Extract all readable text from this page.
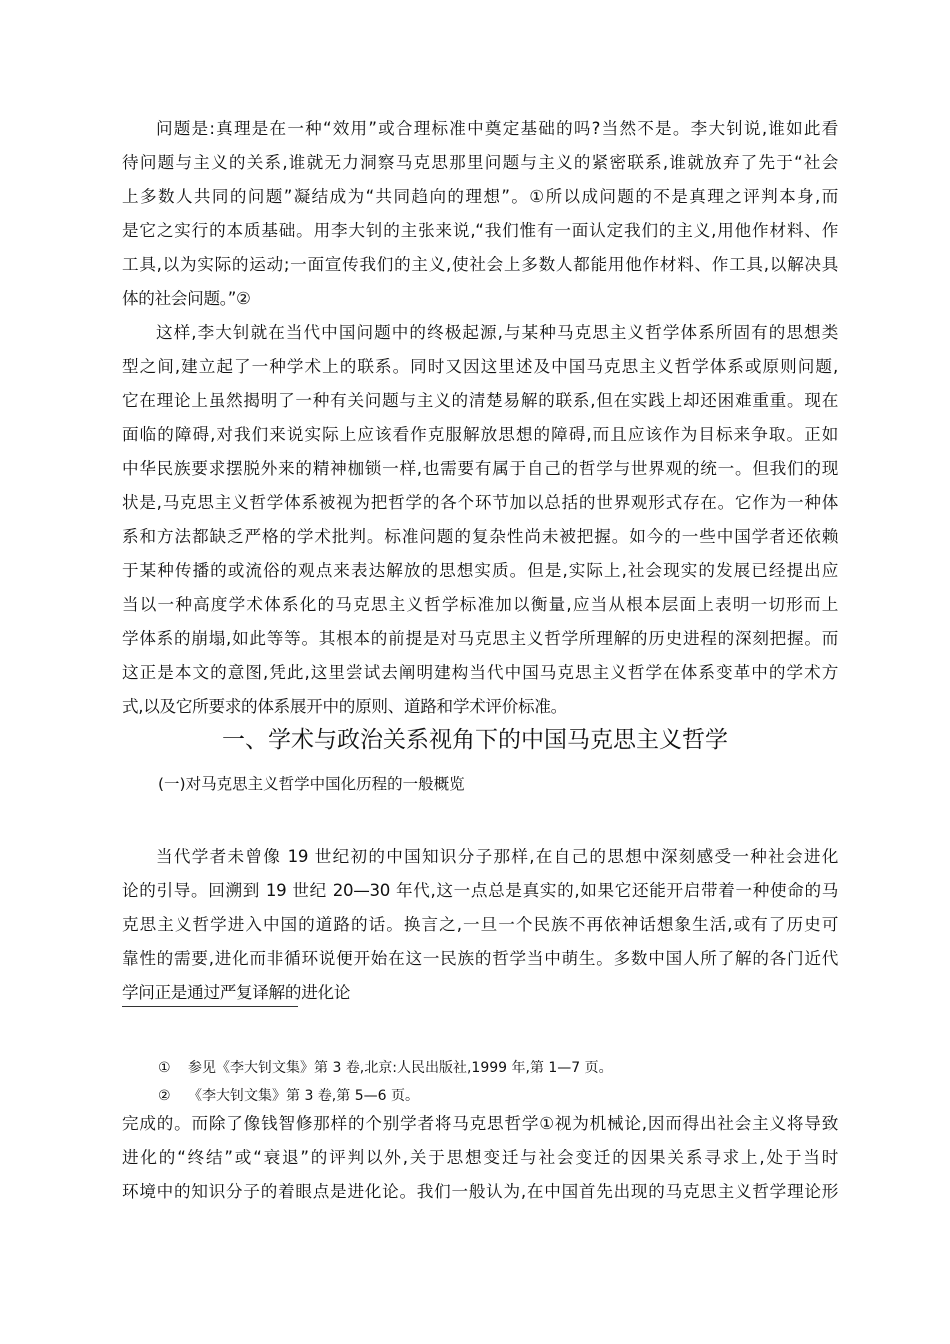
问题是:真理是在一种“效用”或合理标准中奠定基础的吗?当然不是。李大钊说,谁如此看
待问题与主义的关系,谁就无力洞察马克思那里问题与主义的紧密联系,谁就放弃了先于“社会
上多数人共同的问题”凝结成为“共同趋向的理想”。①所以成问题的不是真理之评判本身,而
是它之实行的本质基础。用李大钊的主张来说,“我们惟有一面认定我们的主义,用他作材料、作
工具,以为实际的运动;一面宣传我们的主义,使社会上多数人都能用他作材料、作工具,以解决具
体的社会问题。”②
这样,李大钊就在当代中国问题中的终极起源,与某种马克思主义哲学体系所固有的思想类
型之间,建立起了一种学术上的联系。同时又因这里述及中国马克思主义哲学体系或原则问题,
它在理论上虽然揭明了一种有关问题与主义的清楚易解的联系,但在实践上却还困难重重。现在
面临的障碍,对我们来说实际上应该看作克服解放思想的障碍,而且应该作为目标来争取。正如
中华民族要求摆脱外来的精神枷锁一样,也需要有属于自己的哲学与世界观的统一。但我们的现
状是,马克思主义哲学体系被视为把哲学的各个环节加以总括的世界观形式存在。它作为一种体
系和方法都缺乏严格的学术批判。标准问题的复杂性尚未被把握。如今的一些中国学者还依赖
于某种传播的或流俗的观点来表达解放的思想实质。但是,实际上,社会现实的发展已经提出应
当以一种高度学术体系化的马克思主义哲学标准加以衡量,应当从根本层面上表明一切形而上
学体系的崩塌,如此等等。其根本的前提是对马克思主义哲学所理解的历史进程的深刻把握。而
这正是本文的意图,凭此,这里尝试去阐明建构当代中国马克思主义哲学在体系变革中的学术方
式,以及它所要求的体系展开中的原则、道路和学术评价标准。
一、学术与政治关系视角下的中国马克思主义哲学
(一)对马克思主义哲学中国化历程的一般概览
当代学者未曾像 19 世纪初的中国知识分子那样,在自己的思想中深刻感受一种社会进化
论的引导。回溯到 19 世纪 20—30 年代,这一点总是真实的,如果它还能开启带着一种使命的马
克思主义哲学进入中国的道路的话。换言之,一旦一个民族不再依神话想象生活,或有了历史可
靠性的需要,进化而非循环说便开始在这一民族的哲学当中萌生。多数中国人所了解的各门近代
学问正是通过严复译解的进化论
① 参见《李大钊文集》第 3 卷,北京:人民出版社,1999 年,第 1—7 页。
② 《李大钊文集》第 3 卷,第 5—6 页。
完成的。而除了像钱智修那样的个别学者将马克思哲学①视为机械论,因而得出社会主义将导致
进化的“终结”或“衰退”的评判以外,关于思想变迁与社会变迁的因果关系寻求上,处于当时
环境中的知识分子的着眼点是进化论。我们一般认为,在中国首先出现的马克思主义哲学理论形
